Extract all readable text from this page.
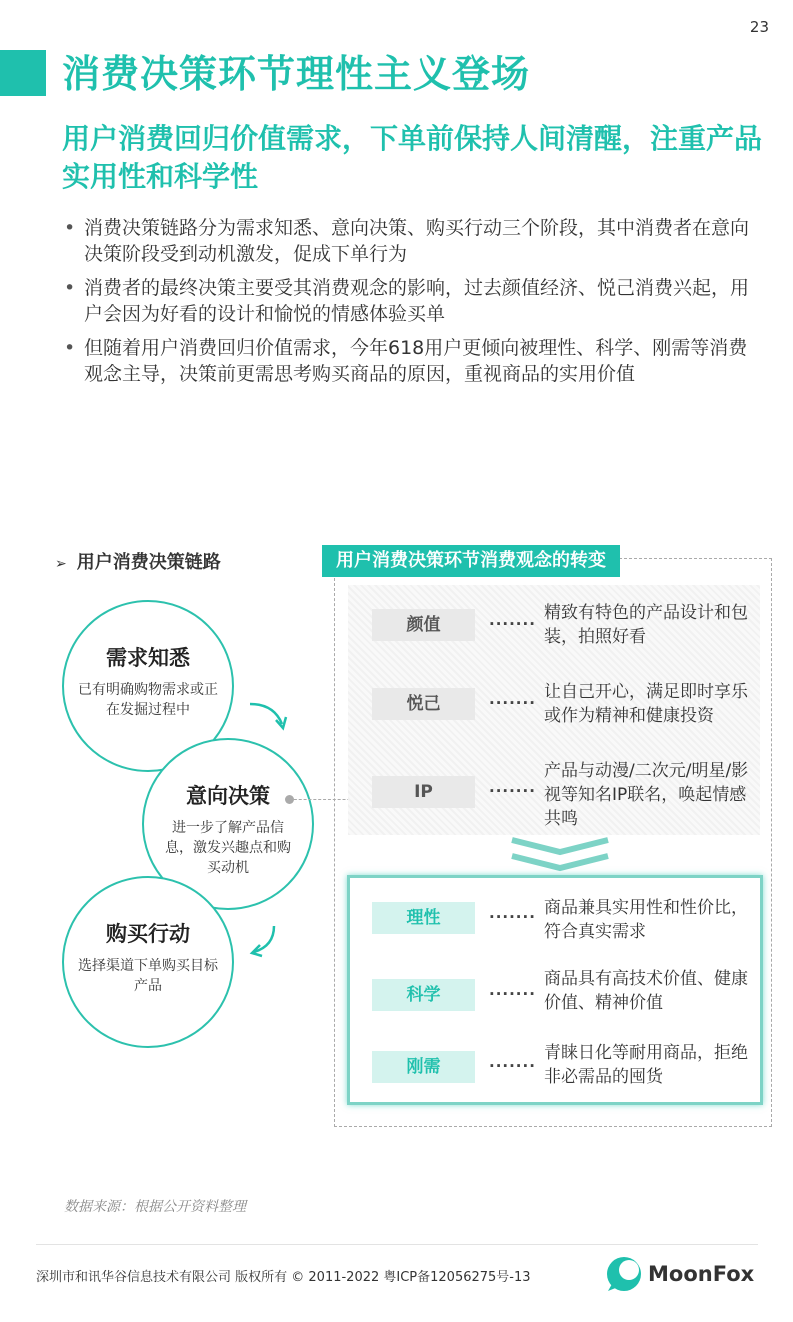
23
消费决策环节理性主义登场
用户消费回归价值需求，下单前保持人间清醒，注重产品实用性和科学性
• 消费决策链路分为需求知悉、意向决策、购买行动三个阶段，其中消费者在意向决策阶段受到动机激发，促成下单行为
• 消费者的最终决策主要受其消费观念的影响，过去颜值经济、悦己消费兴起，用户会因为好看的设计和愉悦的情感体验买单
• 但随着用户消费回归价值需求，今年618用户更倾向被理性、科学、刚需等消费观念主导，决策前更需思考购买商品的原因，重视商品的实用价值
➢ 用户消费决策链路
需求知悉
已有明确购物需求或正在发掘过程中
意向决策
进一步了解产品信息，激发兴趣点和购买动机
购买行动
选择渠道下单购买目标产品
用户消费决策环节消费观念的转变
颜值	·······
精致有特色的产品设计和包装，拍照好看
悦己	·······
让自己开心，满足即时享乐或作为精神和健康投资
IP	·······
产品与动漫/二次元/明星/影视等知名IP联名，唤起情感共鸣
理性	······· 商品兼具实用性和性价比，符合真实需求
科学	·······
商品具有高技术价值、健康价值、精神价值
刚需	·······
青睐日化等耐用商品，拒绝非必需品的囤货
数据来源：根据公开资料整理
深圳市和讯华谷信息技术有限公司 版权所有 © 2011-2022 粤ICP备12056275号-13	MoonFox
